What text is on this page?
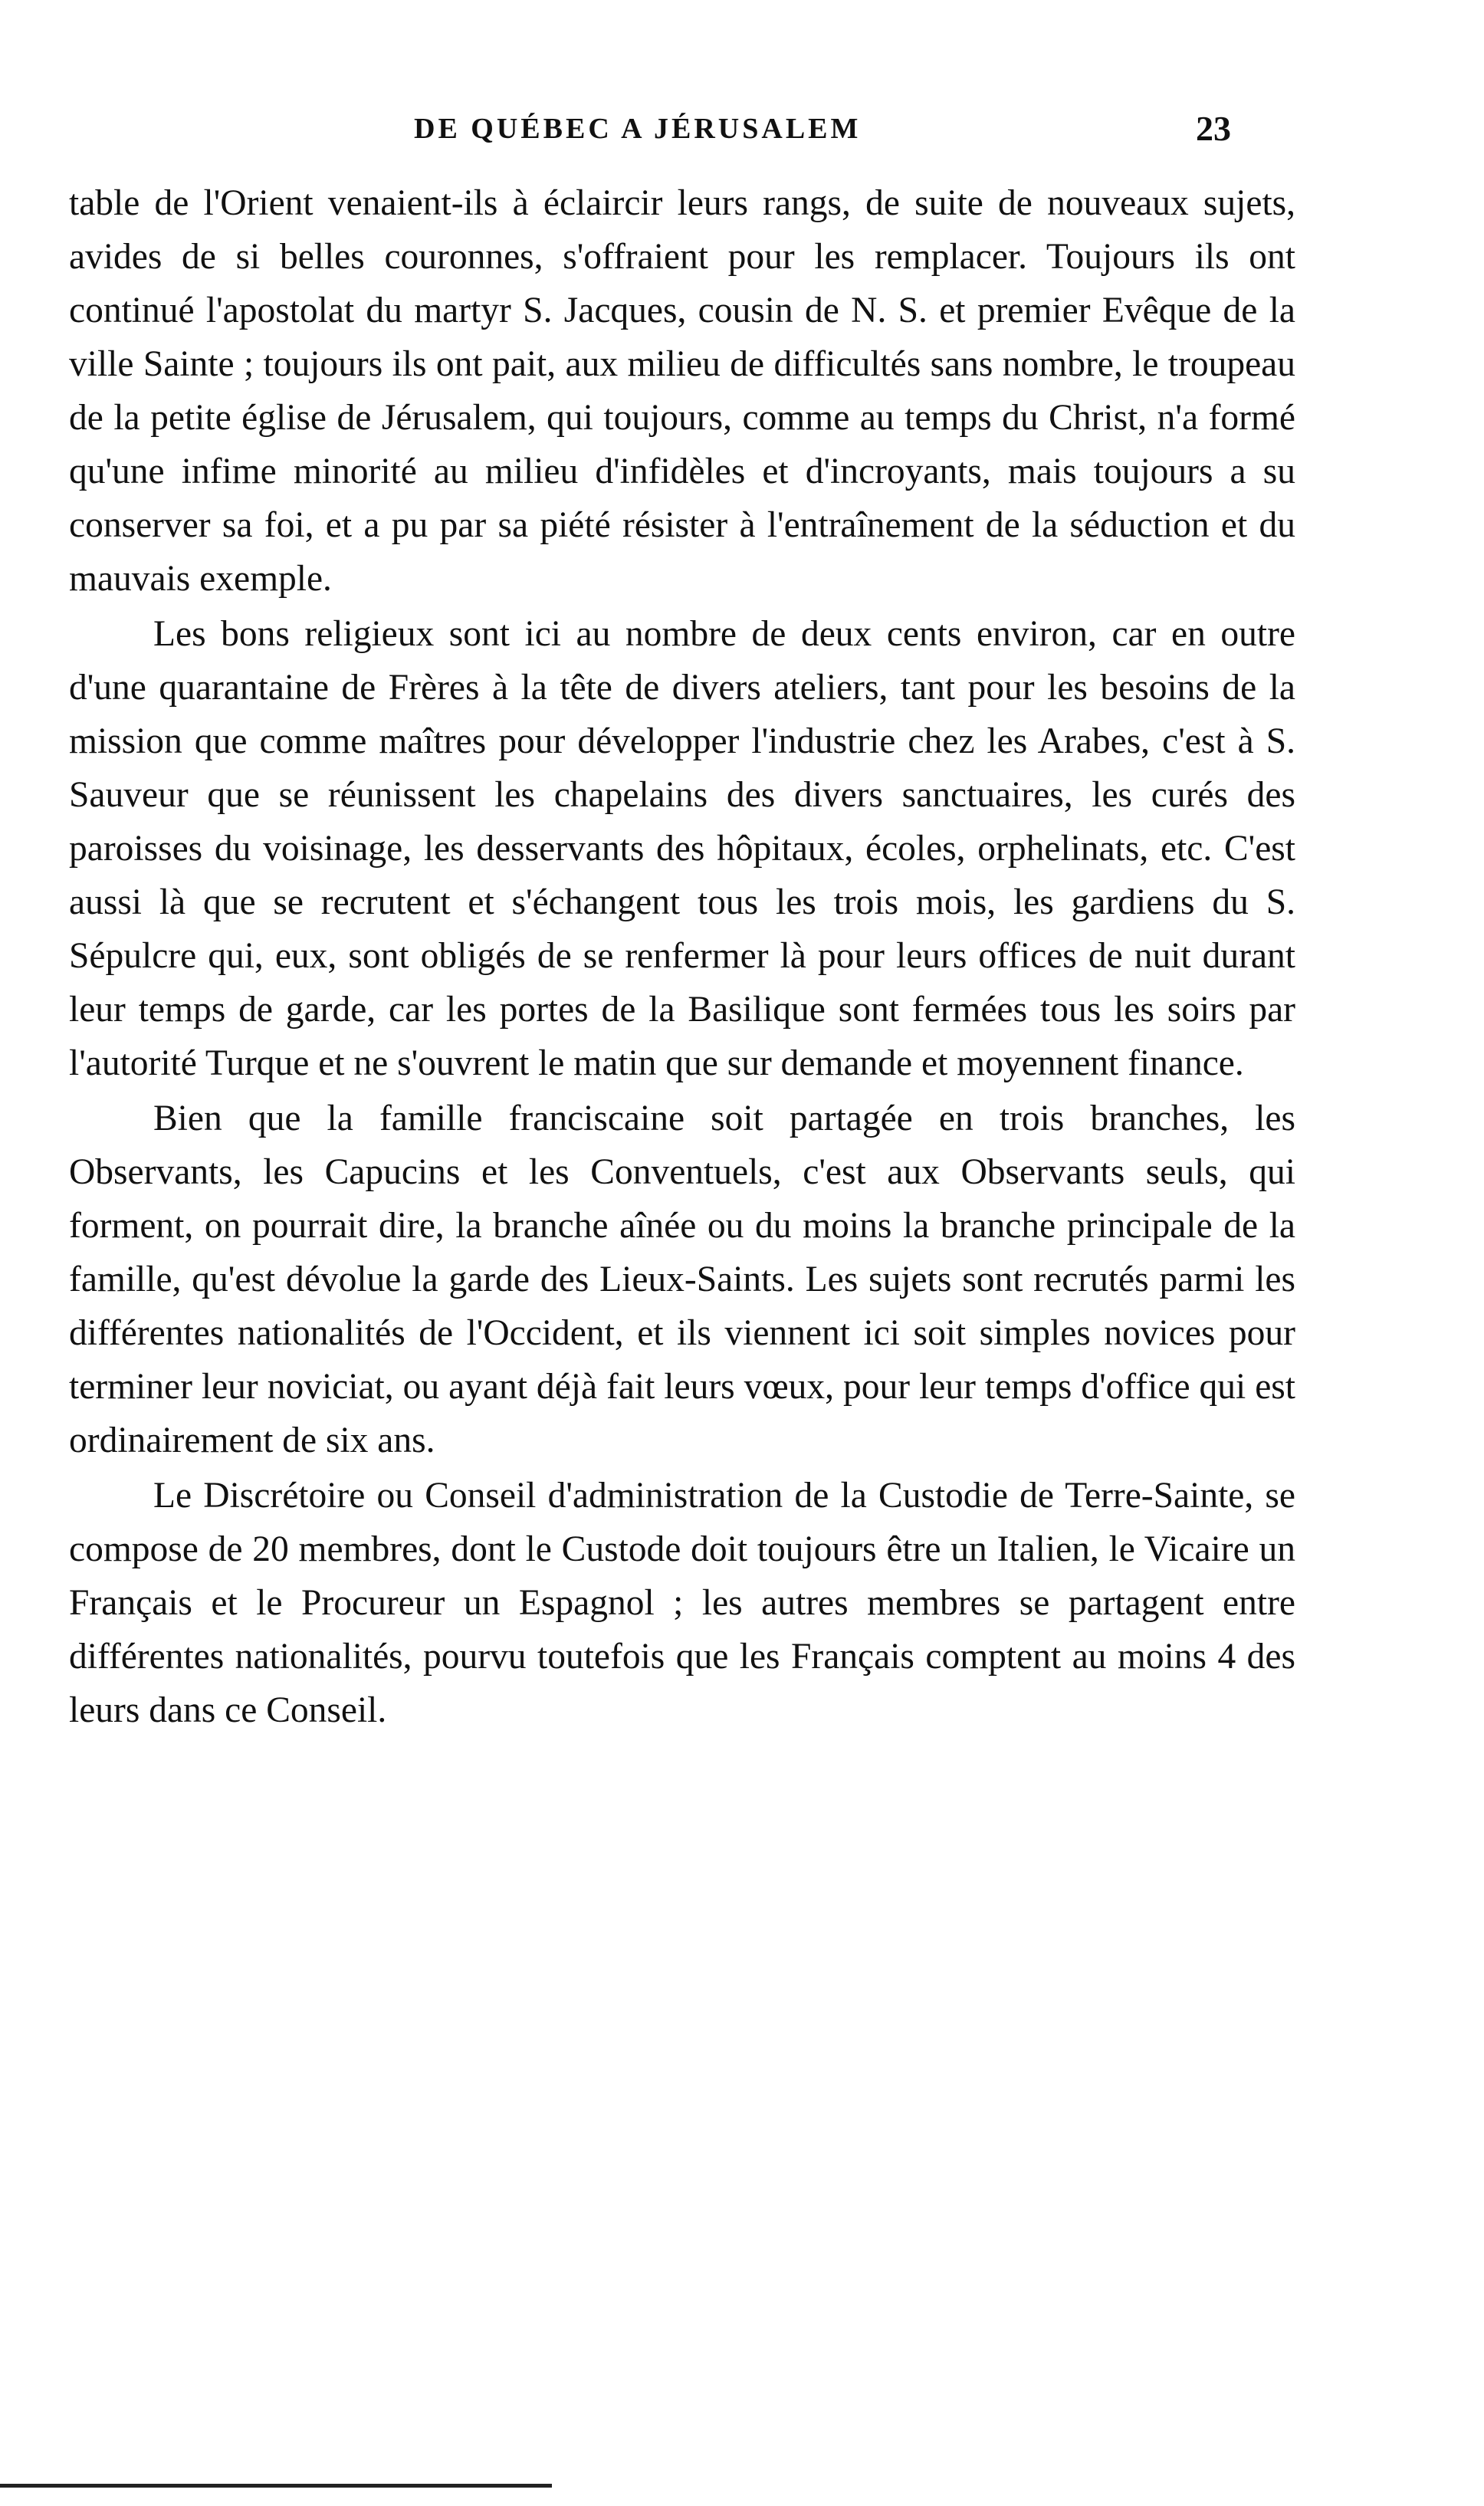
DE QUÉBEC A JÉRUSALEM	23

table de l'Orient venaient-ils à éclaircir leurs rangs, de suite de nouveaux sujets, avides de si belles couronnes, s'offraient pour les remplacer. Toujours ils ont continué l'apostolat du martyr S. Jacques, cousin de N. S. et premier Evêque de la ville Sainte ; toujours ils ont pait, aux milieu de difficultés sans nombre, le troupeau de la petite église de Jérusalem, qui toujours, comme au temps du Christ, n'a formé qu'une infime minorité au milieu d'infidèles et d'incroyants, mais toujours a su conserver sa foi, et a pu par sa piété résister à l'entraînement de la séduction et du mauvais exemple.

Les bons religieux sont ici au nombre de deux cents environ, car en outre d'une quarantaine de Frères à la tête de divers ateliers, tant pour les besoins de la mission que comme maîtres pour développer l'industrie chez les Arabes, c'est à S. Sauveur que se réunissent les chapelains des divers sanctuaires, les curés des paroisses du voisinage, les desservants des hôpitaux, écoles, orphelinats, etc. C'est aussi là que se recrutent et s'échangent tous les trois mois, les gardiens du S. Sépulcre qui, eux, sont obligés de se renfermer là pour leurs offices de nuit durant leur temps de garde, car les portes de la Basilique sont fermées tous les soirs par l'autorité Turque et ne s'ouvrent le matin que sur demande et moyennent finance.

Bien que la famille franciscaine soit partagée en trois branches, les Observants, les Capucins et les Conventuels, c'est aux Observants seuls, qui forment, on pourrait dire, la branche aînée ou du moins la branche principale de la famille, qu'est dévolue la garde des Lieux-Saints. Les sujets sont recrutés parmi les différentes nationalités de l'Occident, et ils viennent ici soit simples novices pour terminer leur noviciat, ou ayant déjà fait leurs vœux, pour leur temps d'office qui est ordinairement de six ans.

Le Discrétoire ou Conseil d'administration de la Custodie de Terre-Sainte, se compose de 20 membres, dont le Custode doit toujours être un Italien, le Vicaire un Français et le Procureur un Espagnol ; les autres membres se partagent entre différentes nationalités, pourvu toutefois que les Français comptent au moins 4 des leurs dans ce Conseil.
